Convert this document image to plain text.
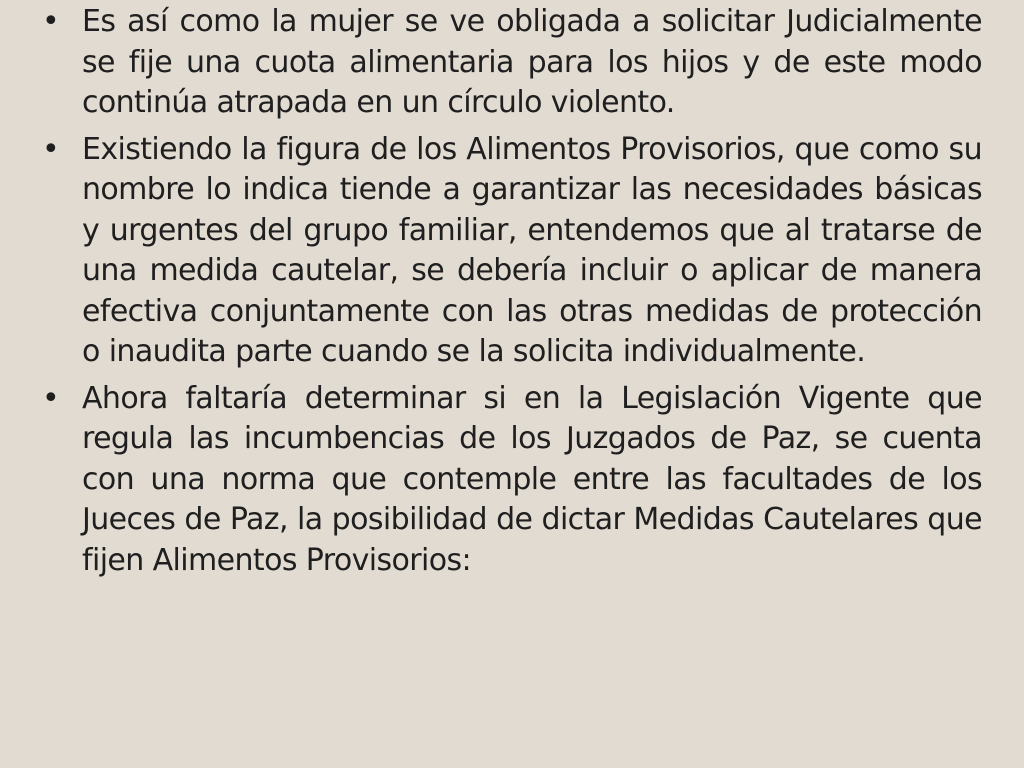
• Es así como la mujer se ve obligada a solicitar Judicialmente se fije una cuota alimentaria para los hijos y de este modo continúa atrapada en un círculo violento.
• Existiendo la figura de los Alimentos Provisorios, que como su nombre lo indica tiende a garantizar las necesidades básicas y urgentes del grupo familiar, entendemos que al tratarse de una medida cautelar, se debería incluir o aplicar de manera efectiva conjuntamente con las otras medidas de protección o inaudita parte cuando se la solicita individualmente.
• Ahora faltaría determinar si en la Legislación Vigente que regula las incumbencias de los Juzgados de Paz, se cuenta con una norma que contemple entre las facultades de los Jueces de Paz, la posibilidad de dictar Medidas Cautelares que fijen Alimentos Provisorios:
